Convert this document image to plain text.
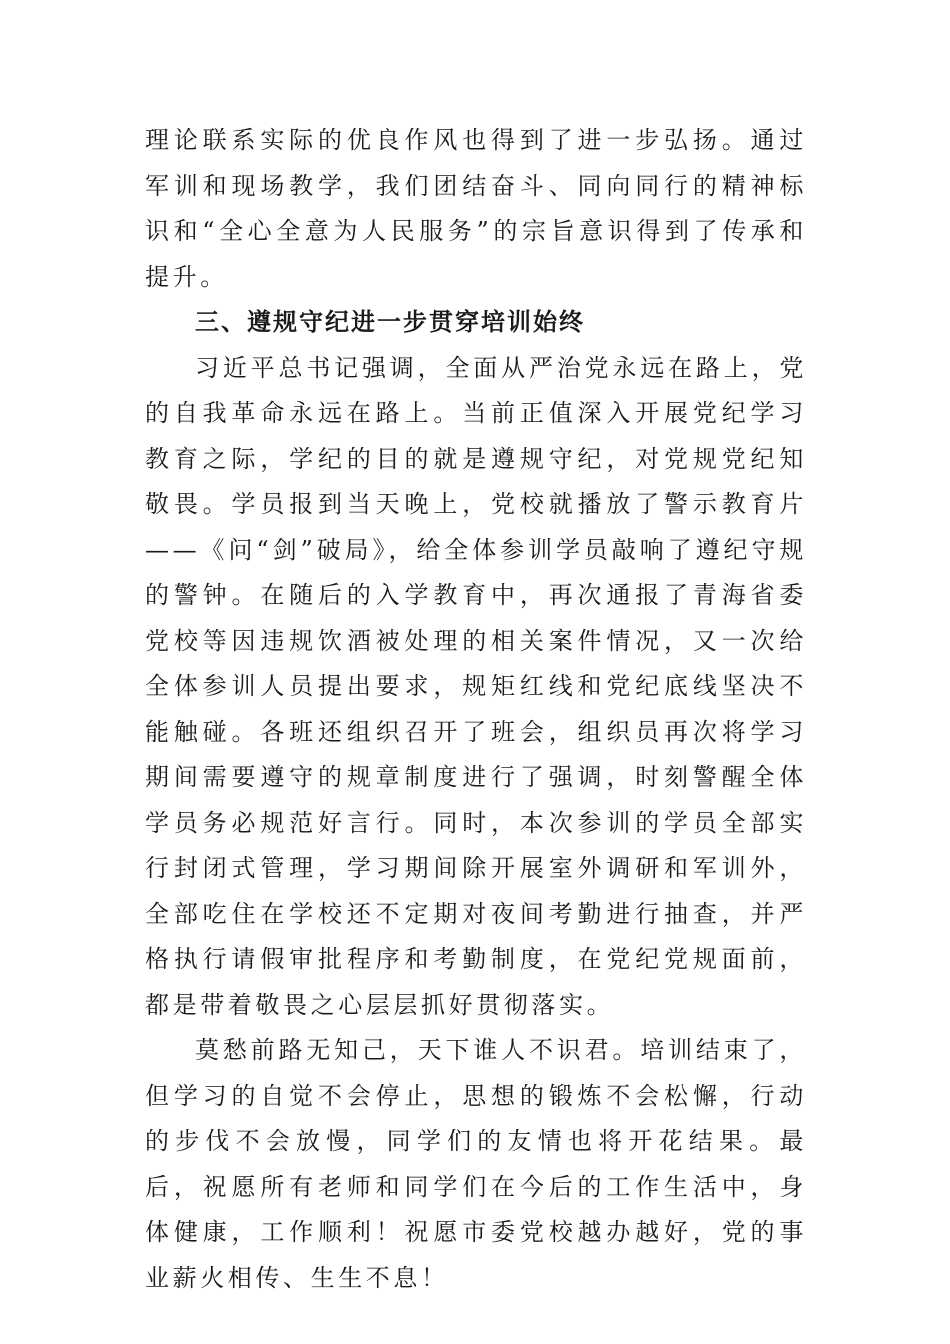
理论联系实际的优良作风也得到了进一步弘扬。通过军训和现场教学，我们团结奋斗、同向同行的精神标识和“全心全意为人民服务”的宗旨意识得到了传承和提升。

三、遵规守纪进一步贯穿培训始终

习近平总书记强调，全面从严治党永远在路上，党的自我革命永远在路上。当前正值深入开展党纪学习教育之际，学纪的目的就是遵规守纪，对党规党纪知敬畏。学员报到当天晚上，党校就播放了警示教育片——《问“剑”破局》，给全体参训学员敲响了遵纪守规的警钟。在随后的入学教育中，再次通报了青海省委党校等因违规饮酒被处理的相关案件情况，又一次给全体参训人员提出要求，规矩红线和党纪底线坚决不能触碰。各班还组织召开了班会，组织员再次将学习期间需要遵守的规章制度进行了强调，时刻警醒全体学员务必规范好言行。同时，本次参训的学员全部实行封闭式管理，学习期间除开展室外调研和军训外，全部吃住在学校还不定期对夜间考勤进行抽查，并严格执行请假审批程序和考勤制度，在党纪党规面前，都是带着敬畏之心层层抓好贯彻落实。

莫愁前路无知己，天下谁人不识君。培训结束了，但学习的自觉不会停止，思想的锻炼不会松懈，行动的步伐不会放慢，同学们的友情也将开花结果。最后，祝愿所有老师和同学们在今后的工作生活中，身体健康，工作顺利！祝愿市委党校越办越好，党的事业薪火相传、生生不息！
